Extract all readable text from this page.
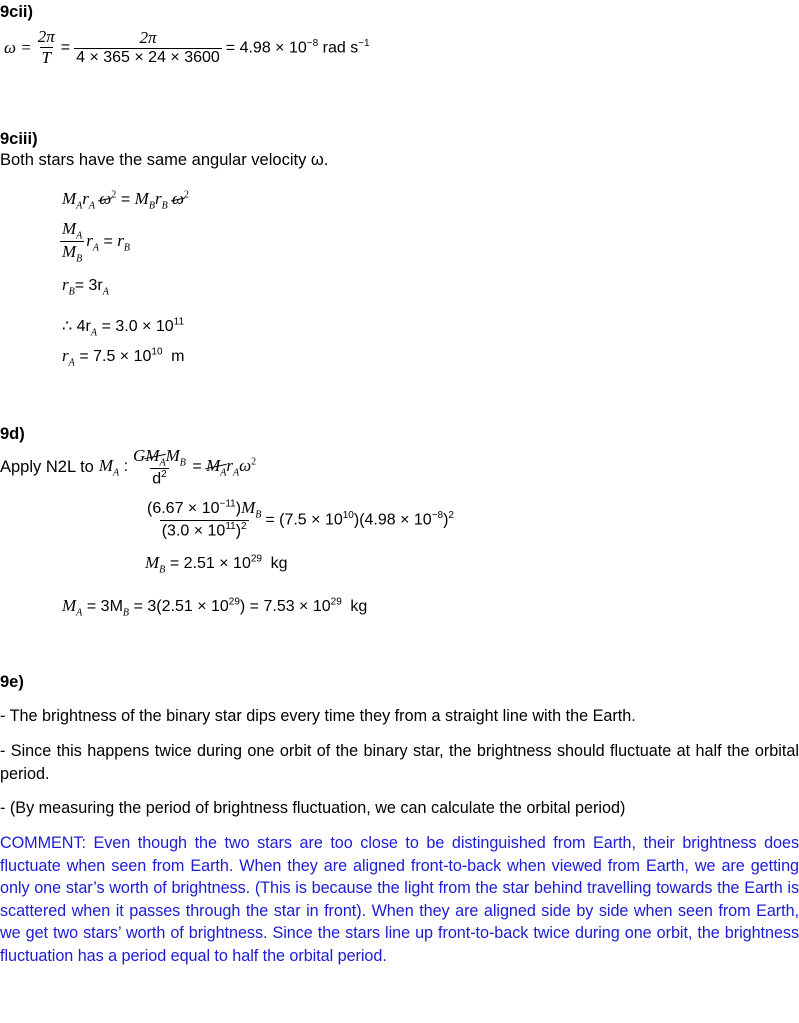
9cii)
$\omega = \frac{2\pi}{T} = \frac{2\pi}{4 \times 365 \times 24 \times 3600} = 4.98 \times 10^{-8}$ rad $s^{-1}$
9ciii)
Both stars have the same angular velocity ω.
$M_Ar_A$ $\omega^2 = M_Br_B$ $\omega^2$
$\frac{M_A}{M_B} r_A = r_B$
$r_B= 3r_A$
∴ $4r_A = 3.0 \times 10^{11}$
$r_A = 7.5 \times 10^{10}$ m
9d)
Apply N2L to $M_A$ : $\frac{GM_AM_B}{d^2} = M_Ar_A\omega^2$
$\frac{(6.67 \times 10^{-11})M_B}{(3.0 \times 10^{11})^2} = (7.5 \times 10^{10})(4.98 \times 10^{-8})^2$
$M_B = 2.51 \times 10^{29}$ kg
$M_A = 3M_B = 3(2.51 \times 10^{29}) = 7.53 \times 10^{29}$ kg
9e)
- The brightness of the binary star dips every time they from a straight line with the Earth.
- Since this happens twice during one orbit of the binary star, the brightness should fluctuate at half the orbital period.
- (By measuring the period of brightness fluctuation, we can calculate the orbital period)
COMMENT: Even though the two stars are too close to be distinguished from Earth, their brightness does fluctuate when seen from Earth. When they are aligned front-to-back when viewed from Earth, we are getting only one star’s worth of brightness. (This is because the light from the star behind travelling towards the Earth is scattered when it passes through the star in front). When they are aligned side by side when seen from Earth, we get two stars’ worth of brightness. Since the stars line up front-to-back twice during one orbit, the brightness fluctuation has a period equal to half the orbital period.
